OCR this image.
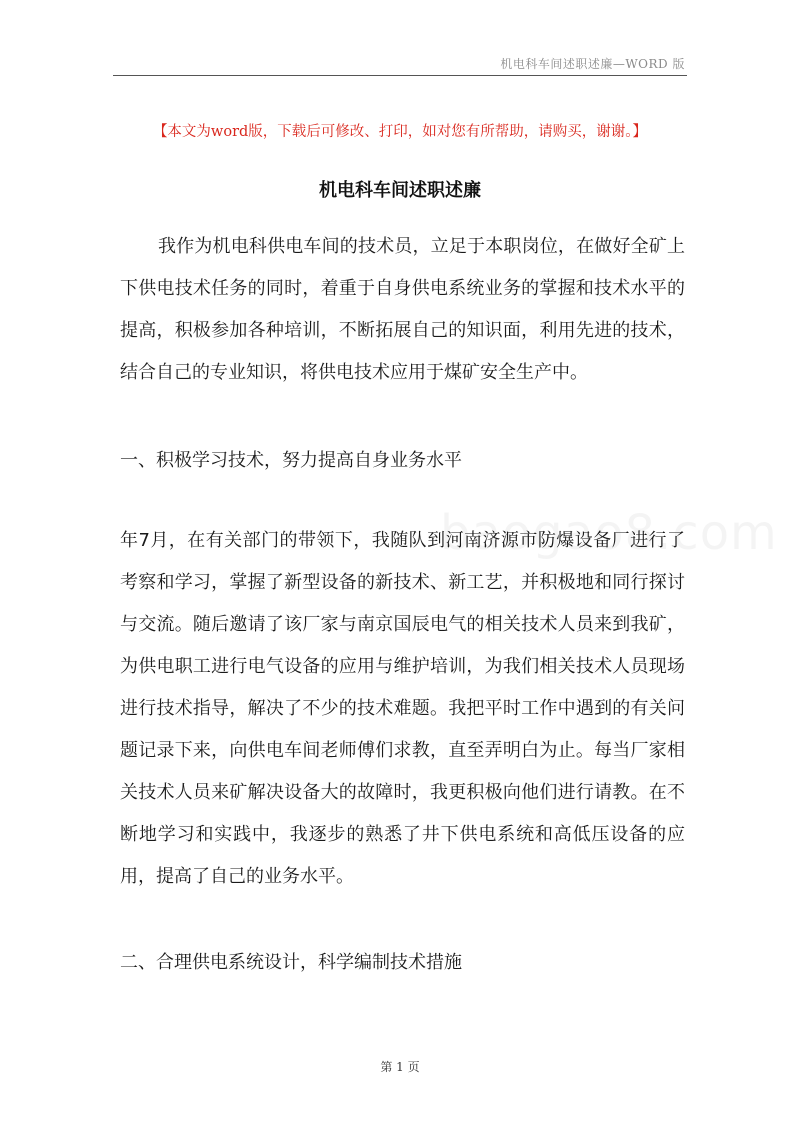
机电科车间述职述廉—WORD 版
【本文为word版，下载后可修改、打印，如对您有所帮助，请购买，谢谢。】
机电科车间述职述廉
我作为机电科供电车间的技术员，立足于本职岗位，在做好全矿上下供电技术任务的同时，着重于自身供电系统业务的掌握和技术水平的提高，积极参加各种培训，不断拓展自己的知识面，利用先进的技术，结合自己的专业知识，将供电技术应用于煤矿安全生产中。
一、积极学习技术，努力提高自身业务水平
年7月，在有关部门的带领下，我随队到河南济源市防爆设备厂进行了考察和学习，掌握了新型设备的新技术、新工艺，并积极地和同行探讨与交流。随后邀请了该厂家与南京国辰电气的相关技术人员来到我矿，为供电职工进行电气设备的应用与维护培训，为我们相关技术人员现场进行技术指导，解决了不少的技术难题。我把平时工作中遇到的有关问题记录下来，向供电车间老师傅们求教，直至弄明白为止。每当厂家相关技术人员来矿解决设备大的故障时，我更积极向他们进行请教。在不断地学习和实践中，我逐步的熟悉了井下供电系统和高低压设备的应用，提高了自己的业务水平。
二、合理供电系统设计，科学编制技术措施
第 1 页
